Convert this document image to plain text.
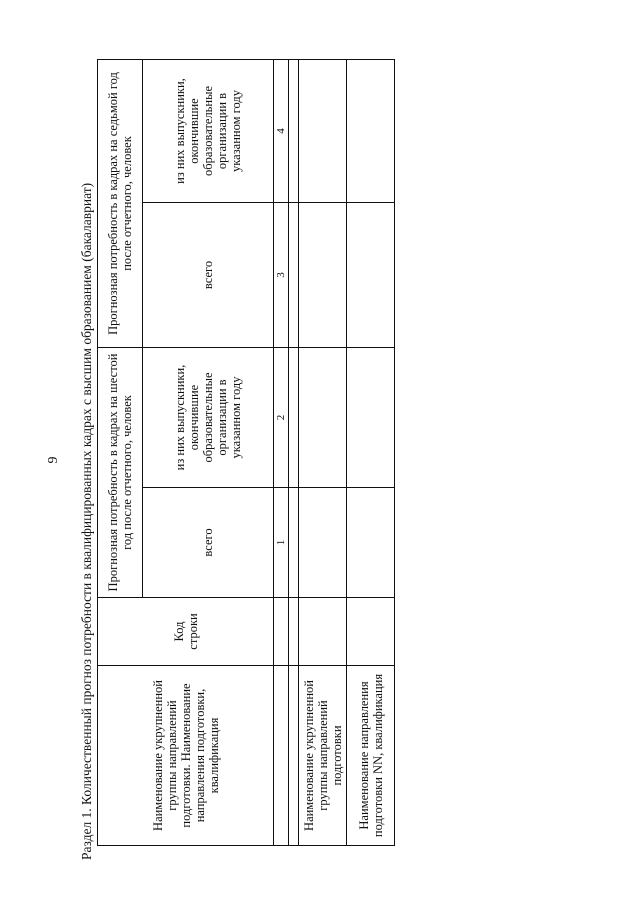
9 Раздел 1. Количественный прогноз потребности в квалифицированных кадрах с высшим образованием (бакалавриат)	Наименование укрупненной группы направлений подготовки. Наименование направления подготовки, квалификация	Код строки	Прогнозная потребность в кадрах на шестой год после отчетного, человек		Прогнозная потребность в кадрах на седьмой год после отчетного, человек	
		всего	из них выпускники, окончившие образовательные организации в указанном году	всего	из них выпускники, окончившие образовательные организации в указанном году
		1	2	3	4

Наименование укрупненной группы направлений подготовки					
Наименование направления подготовки NN, квалификация					
